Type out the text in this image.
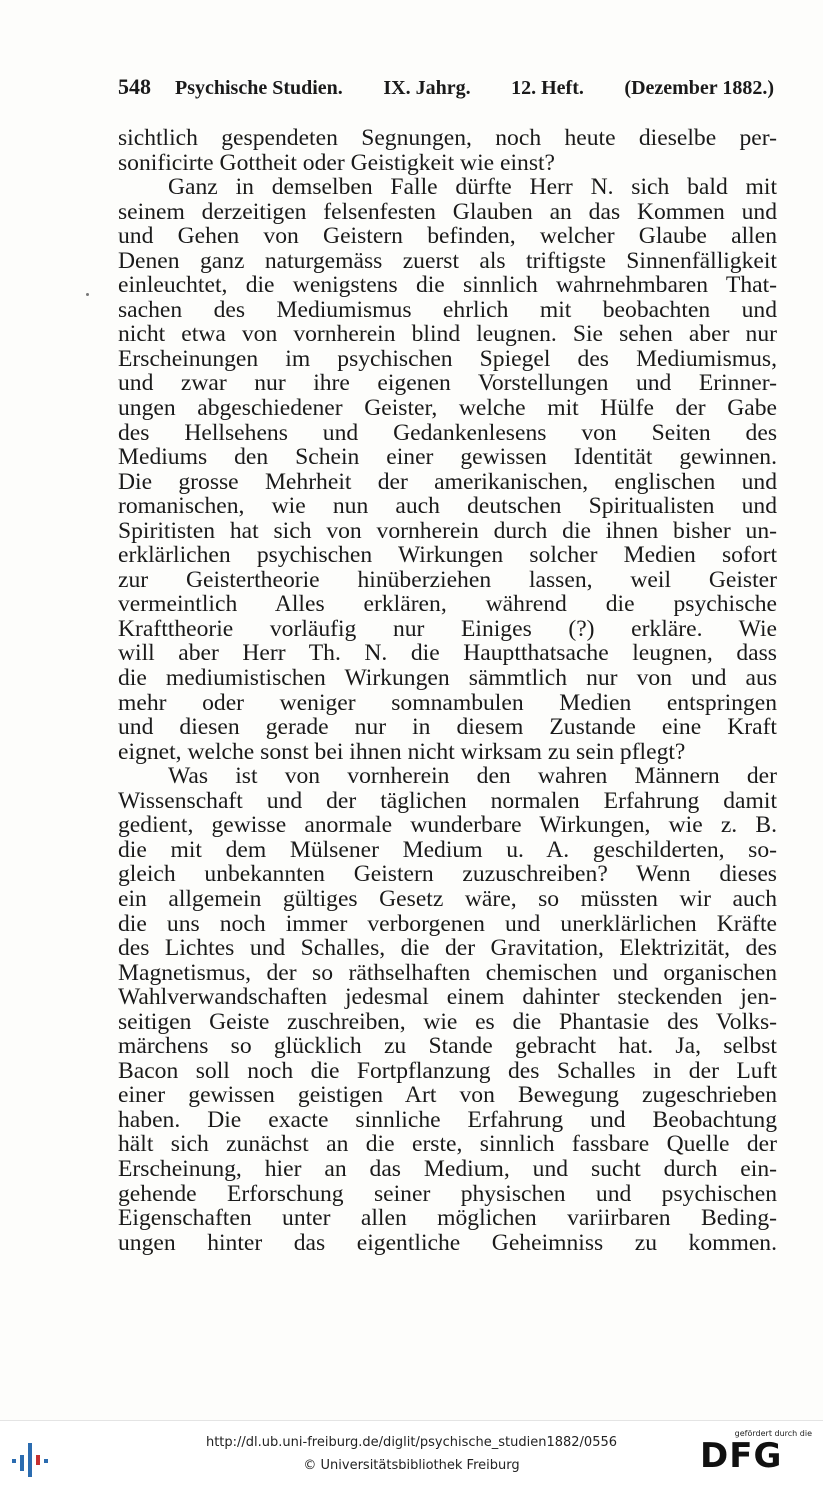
548 Psychische Studien. IX. Jahrg. 12. Heft. (Dezember 1882.)
sichtlich gespendeten Segnungen, noch heute dieselbe per-
sonificirte Gottheit oder Geistigkeit wie einst?
Ganz in demselben Falle dürfte Herr N. sich bald mit
seinem derzeitigen felsenfesten Glauben an das Kommen und
und Gehen von Geistern befinden, welcher Glaube allen
Denen ganz naturgemäss zuerst als triftigste Sinnenfälligkeit
einleuchtet, die wenigstens die sinnlich wahrnehmbaren That-
sachen des Mediumismus ehrlich mit beobachten und
nicht etwa von vornherein blind leugnen. Sie sehen aber nur
Erscheinungen im psychischen Spiegel des Mediumismus,
und zwar nur ihre eigenen Vorstellungen und Erinner-
ungen abgeschiedener Geister, welche mit Hülfe der Gabe
des Hellsehens und Gedankenlesens von Seiten des
Mediums den Schein einer gewissen Identität gewinnen.
Die grosse Mehrheit der amerikanischen, englischen und
romanischen, wie nun auch deutschen Spiritualisten und
Spiritisten hat sich von vornherein durch die ihnen bisher un-
erklärlichen psychischen Wirkungen solcher Medien sofort
zur Geistertheorie hinüberziehen lassen, weil Geister
vermeintlich Alles erklären, während die psychische
Krafttheorie vorläufig nur Einiges (?) erkläre. Wie
will aber Herr Th. N. die Hauptthatsache leugnen, dass
die mediumistischen Wirkungen sämmtlich nur von und aus
mehr oder weniger somnambulen Medien entspringen
und diesen gerade nur in diesem Zustande eine Kraft
eignet, welche sonst bei ihnen nicht wirksam zu sein pflegt?
Was ist von vornherein den wahren Männern der
Wissenschaft und der täglichen normalen Erfahrung damit
gedient, gewisse anormale wunderbare Wirkungen, wie z. B.
die mit dem Mülsener Medium u. A. geschilderten, so-
gleich unbekannten Geistern zuzuschreiben? Wenn dieses
ein allgemein gültiges Gesetz wäre, so müssten wir auch
die uns noch immer verborgenen und unerklärlichen Kräfte
des Lichtes und Schalles, die der Gravitation, Elektrizität, des
Magnetismus, der so räthselhaften chemischen und organischen
Wahlverwandschaften jedesmal einem dahinter steckenden jen-
seitigen Geiste zuschreiben, wie es die Phantasie des Volks-
märchens so glücklich zu Stande gebracht hat. Ja, selbst
Bacon soll noch die Fortpflanzung des Schalles in der Luft
einer gewissen geistigen Art von Bewegung zugeschrieben
haben. Die exacte sinnliche Erfahrung und Beobachtung
hält sich zunächst an die erste, sinnlich fassbare Quelle der
Erscheinung, hier an das Medium, und sucht durch ein-
gehende Erforschung seiner physischen und psychischen
Eigenschaften unter allen möglichen variirbaren Beding-
ungen hinter das eigentliche Geheimniss zu kommen.
http://dl.ub.uni-freiburg.de/diglit/psychische_studien1882/0556
© Universitätsbibliothek Freiburg
gefördert durch die
DFG
